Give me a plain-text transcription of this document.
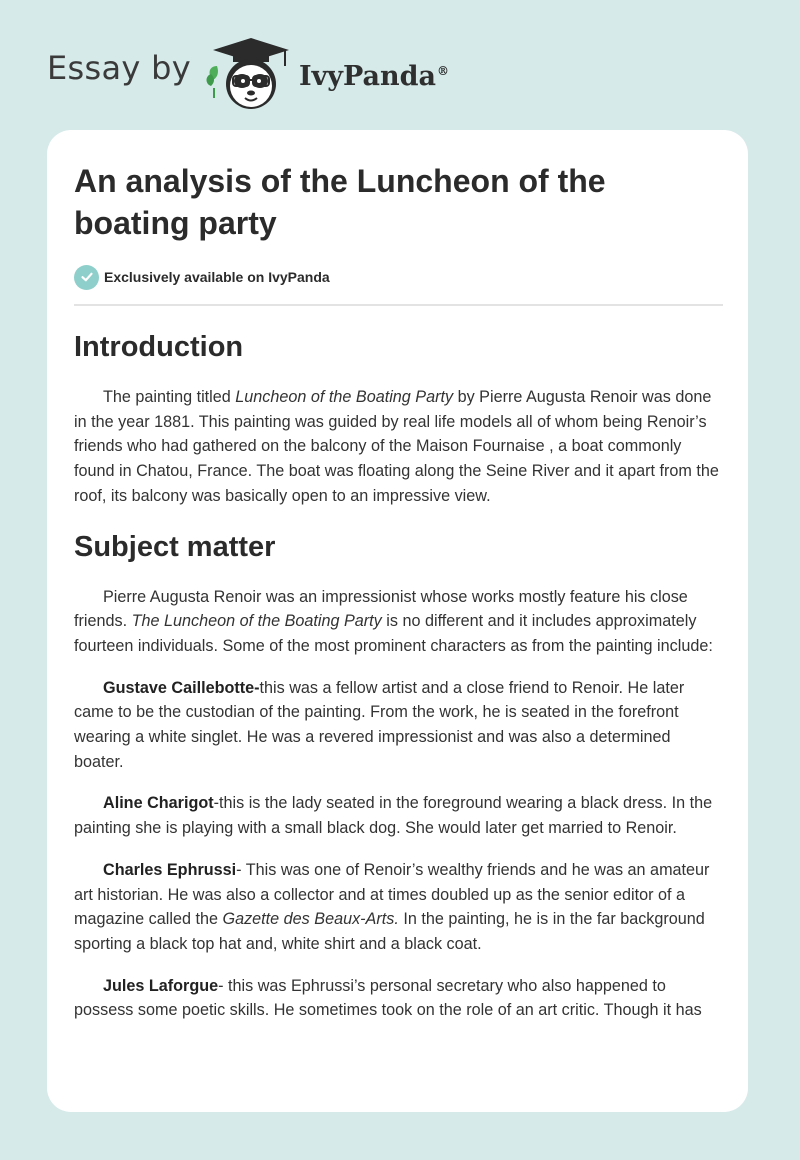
Essay by	IvyPanda®
An analysis of the Luncheon of the boating party
Exclusively available on IvyPanda
Introduction

The painting titled Luncheon of the Boating Party by Pierre Augusta Renoir was done in the year 1881. This painting was guided by real life models all of whom being Renoir’s friends who had gathered on the balcony of the Maison Fournaise , a boat commonly found in Chatou, France. The boat was floating along the Seine River and it apart from the roof, its balcony was basically open to an impressive view.

Subject matter

Pierre Augusta Renoir was an impressionist whose works mostly feature his close friends. The Luncheon of the Boating Party is no different and it includes approximately fourteen individuals. Some of the most prominent characters as from the painting include:

Gustave Caillebotte-this was a fellow artist and a close friend to Renoir. He later came to be the custodian of the painting. From the work, he is seated in the forefront wearing a white singlet. He was a revered impressionist and was also a determined boater.

Aline Charigot-this is the lady seated in the foreground wearing a black dress. In the painting she is playing with a small black dog. She would later get married to Renoir.

Charles Ephrussi- This was one of Renoir’s wealthy friends and he was an amateur art historian. He was also a collector and at times doubled up as the senior editor of a magazine called the Gazette des Beaux-Arts. In the painting, he is in the far background sporting a black top hat and, white shirt and a black coat.

Jules Laforgue- this was Ephrussi’s personal secretary who also happened to possess some poetic skills. He sometimes took on the role of an art critic. Though it has
